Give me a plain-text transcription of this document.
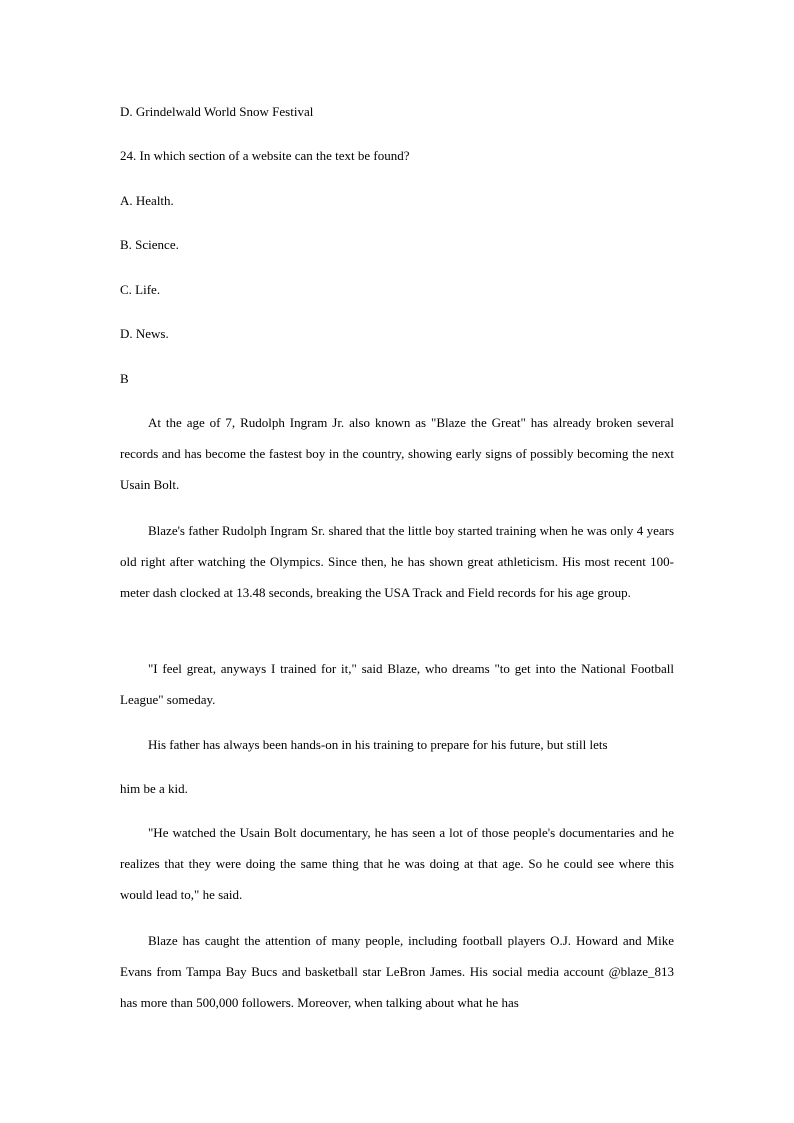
D. Grindelwald World Snow Festival

24. In which section of a website can the text be found?

A. Health.

B. Science.

C. Life.

D. News.

B

At the age of 7, Rudolph Ingram Jr. also known as "Blaze the Great" has already broken several records and has become the fastest boy in the country, showing early signs of possibly becoming the next Usain Bolt.

Blaze's father Rudolph Ingram Sr. shared that the little boy started training when he was only 4 years old right after watching the Olympics. Since then, he has shown great athleticism. His most recent 100-meter dash clocked at 13.48 seconds, breaking the USA Track and Field records for his age group.

"I feel great, anyways I trained for it," said Blaze, who dreams "to get into the National Football League" someday.

His father has always been hands-on in his training to prepare for his future, but still lets

him be a kid.

"He watched the Usain Bolt documentary, he has seen a lot of those people's documentaries and he realizes that they were doing the same thing that he was doing at that age. So he could see where this would lead to," he said.

Blaze has caught the attention of many people, including football players O.J. Howard and Mike Evans from Tampa Bay Bucs and basketball star LeBron James. His social media account @blaze_813 has more than 500,000 followers. Moreover, when talking about what he has
